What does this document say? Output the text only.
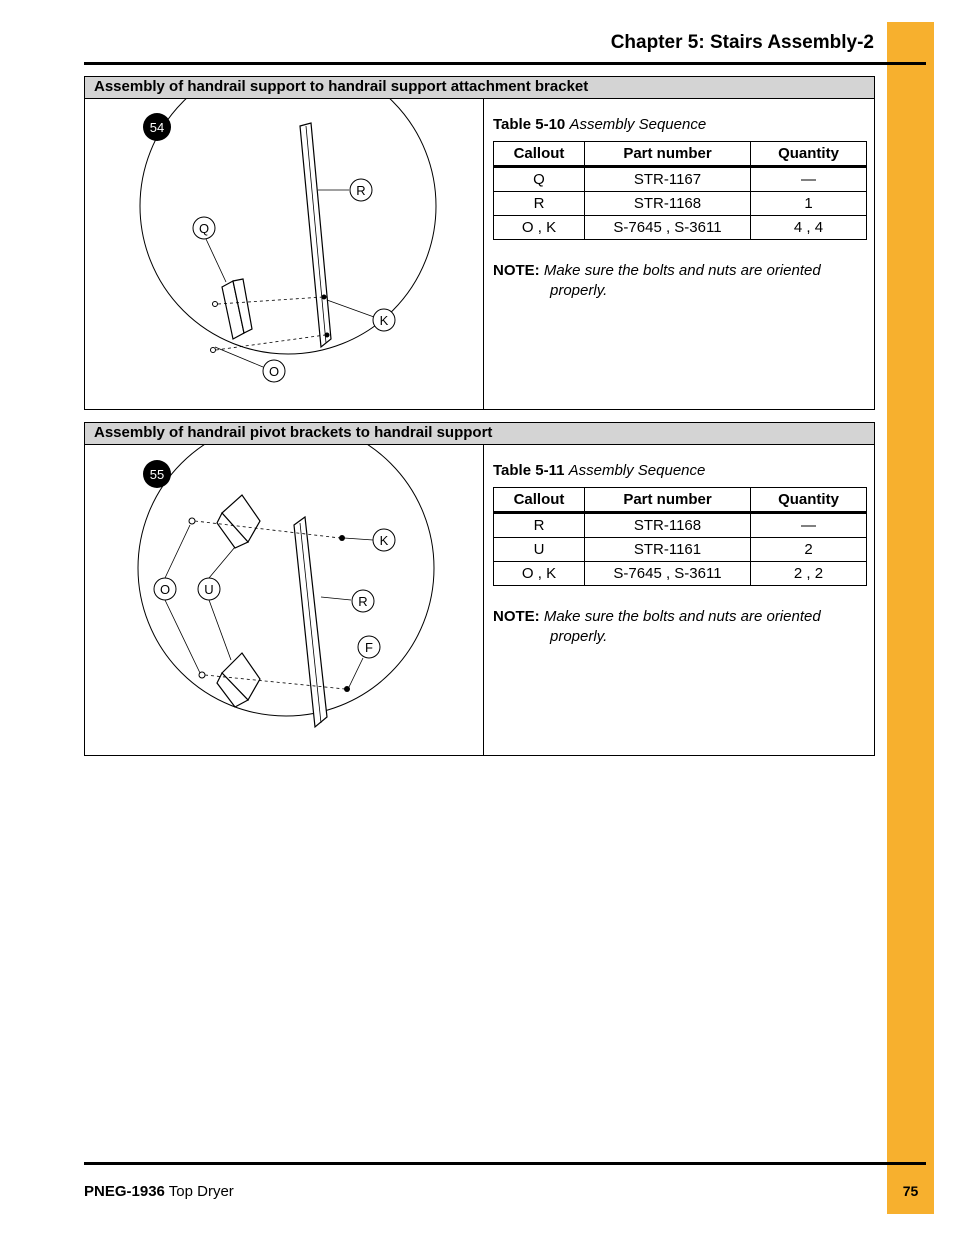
Chapter 5: Stairs Assembly-2
Assembly of handrail support to handrail support attachment bracket
54
R
Q
K
O
Table 5-10 Assembly Sequence
Callout	Part number	Quantity
Q	STR-1167	—
R	STR-1168	1
O , K	S-7645 , S-3611	4 , 4
NOTE: Make sure the bolts and nuts are oriented
properly.
Assembly of handrail pivot brackets to handrail support
55
K
O	U
R
F
Table 5-11 Assembly Sequence
Callout	Part number	Quantity
R	STR-1168	—
U	STR-1161	2
O , K	S-7645 , S-3611	2 , 2
NOTE: Make sure the bolts and nuts are oriented
properly.
PNEG-1936 Top Dryer	75
